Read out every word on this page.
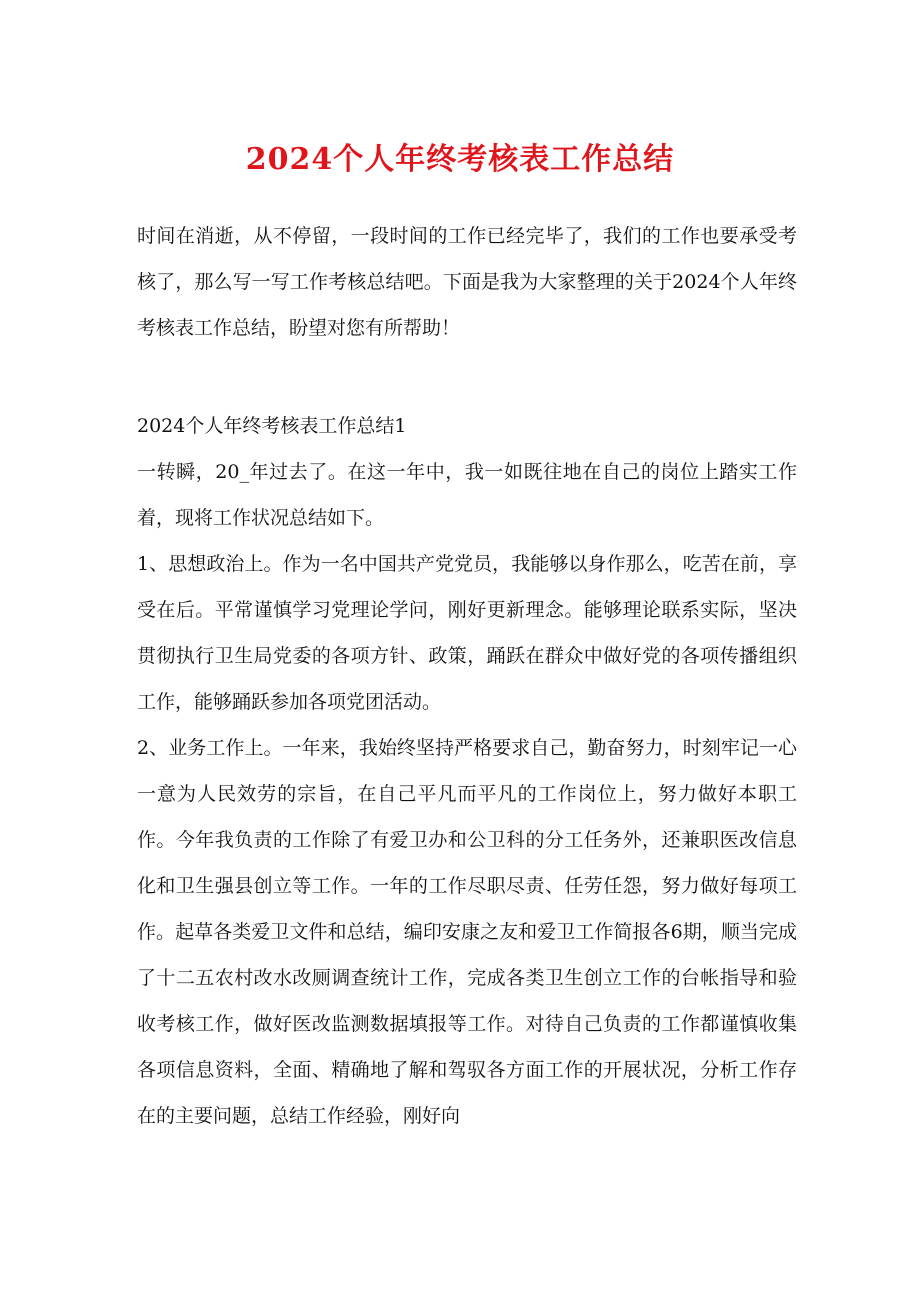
2024个人年终考核表工作总结

时间在消逝，从不停留，一段时间的工作已经完毕了，我们的工作也要承受考核了，那么写一写工作考核总结吧。下面是我为大家整理的关于2024个人年终考核表工作总结，盼望对您有所帮助！

2024个人年终考核表工作总结1

一转瞬，20_年过去了。在这一年中，我一如既往地在自己的岗位上踏实工作着，现将工作状况总结如下。

1、思想政治上。作为一名中国共产党党员，我能够以身作那么，吃苦在前，享受在后。平常谨慎学习党理论学问，刚好更新理念。能够理论联系实际，坚决贯彻执行卫生局党委的各项方针、政策，踊跃在群众中做好党的各项传播组织工作，能够踊跃参加各项党团活动。

2、业务工作上。一年来，我始终坚持严格要求自己，勤奋努力，时刻牢记一心一意为人民效劳的宗旨，在自己平凡而平凡的工作岗位上，努力做好本职工作。今年我负责的工作除了有爱卫办和公卫科的分工任务外，还兼职医改信息化和卫生强县创立等工作。一年的工作尽职尽责、任劳任怨，努力做好每项工作。起草各类爱卫文件和总结，编印安康之友和爱卫工作简报各6期，顺当完成了十二五农村改水改厕调查统计工作，完成各类卫生创立工作的台帐指导和验收考核工作，做好医改监测数据填报等工作。对待自己负责的工作都谨慎收集各项信息资料，全面、精确地了解和驾驭各方面工作的开展状况，分析工作存在的主要问题，总结工作经验，刚好向
